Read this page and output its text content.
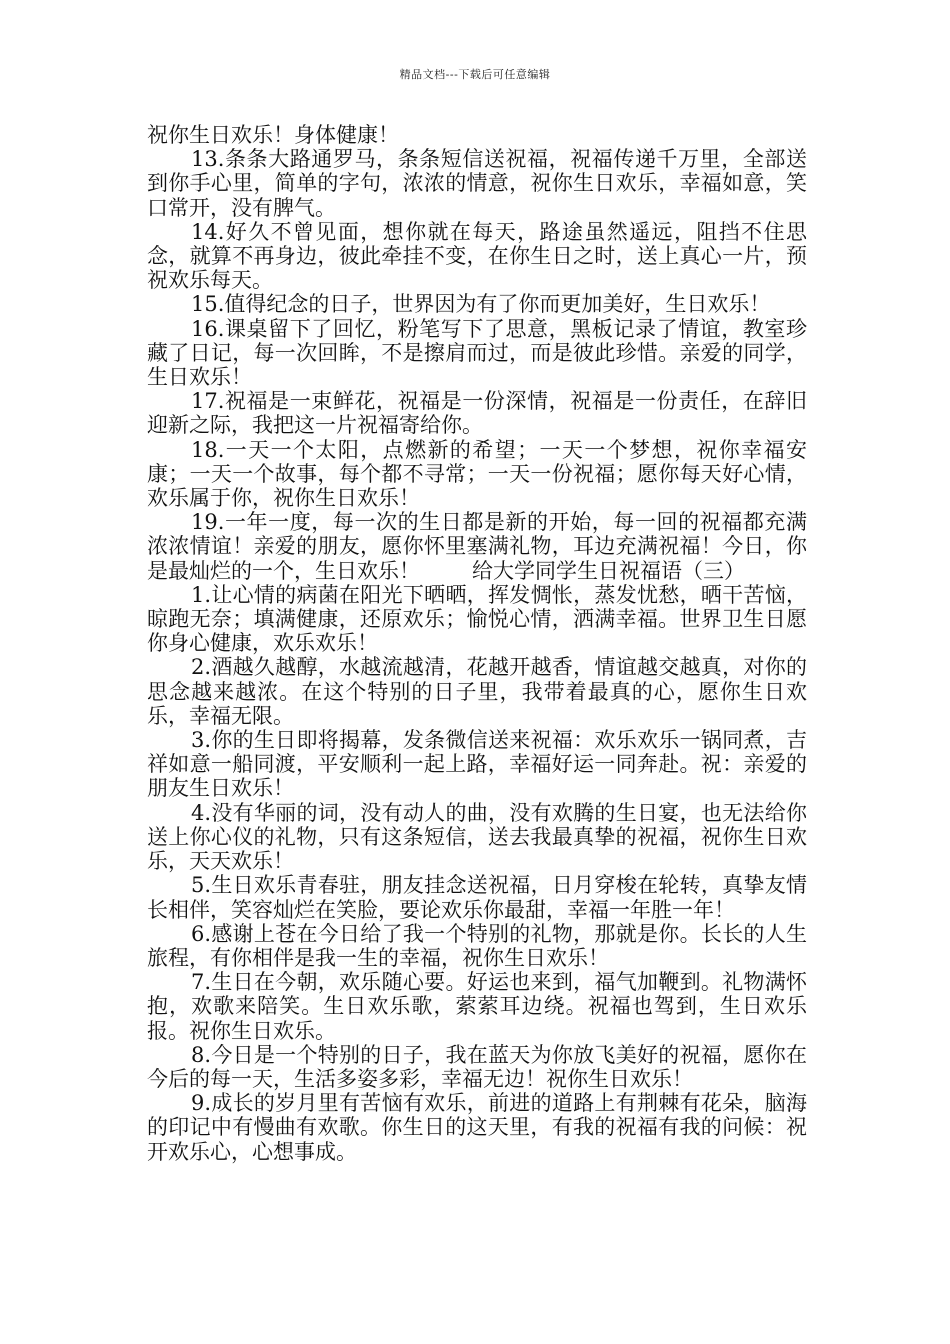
精品文档---下载后可任意编辑

祝你生日欢乐！身体健康！

13.条条大路通罗马，条条短信送祝福，祝福传递千万里，全部送到你手心里，简单的字句，浓浓的情意，祝你生日欢乐，幸福如意，笑口常开，没有脾气。

14.好久不曾见面，想你就在每天，路途虽然遥远，阻挡不住思念，就算不再身边，彼此牵挂不变，在你生日之时，送上真心一片，预祝欢乐每天。

15.值得纪念的日子，世界因为有了你而更加美好，生日欢乐！

16.课桌留下了回忆，粉笔写下了思意，黑板记录了情谊，教室珍藏了日记，每一次回眸，不是擦肩而过，而是彼此珍惜。亲爱的同学，生日欢乐！

17.祝福是一束鲜花，祝福是一份深情，祝福是一份责任，在辞旧迎新之际，我把这一片祝福寄给你。

18.一天一个太阳，点燃新的希望；一天一个梦想，祝你幸福安康；一天一个故事，每个都不寻常；一天一份祝福；愿你每天好心情，欢乐属于你，祝你生日欢乐！

19.一年一度，每一次的生日都是新的开始，每一回的祝福都充满浓浓情谊！亲爱的朋友，愿你怀里塞满礼物，耳边充满祝福！今日，你是最灿烂的一个，生日欢乐！ 给大学同学生日祝福语（三）

1.让心情的病菌在阳光下晒晒，挥发惆怅，蒸发忧愁，晒干苦恼，晾跑无奈；填满健康，还原欢乐；愉悦心情，洒满幸福。世界卫生日愿你身心健康，欢乐欢乐！

2.酒越久越醇，水越流越清，花越开越香，情谊越交越真，对你的思念越来越浓。在这个特别的日子里，我带着最真的心，愿你生日欢乐，幸福无限。

3.你的生日即将揭幕，发条微信送来祝福：欢乐欢乐一锅同煮，吉祥如意一船同渡，平安顺利一起上路，幸福好运一同奔赴。祝：亲爱的朋友生日欢乐！

4.没有华丽的词，没有动人的曲，没有欢腾的生日宴，也无法给你送上你心仪的礼物，只有这条短信，送去我最真挚的祝福，祝你生日欢乐，天天欢乐！

5.生日欢乐青春驻，朋友挂念送祝福，日月穿梭在轮转，真挚友情长相伴，笑容灿烂在笑脸，要论欢乐你最甜，幸福一年胜一年！

6.感谢上苍在今日给了我一个特别的礼物，那就是你。长长的人生旅程，有你相伴是我一生的幸福，祝你生日欢乐！

7.生日在今朝，欢乐随心要。好运也来到，福气加鞭到。礼物满怀抱，欢歌来陪笑。生日欢乐歌，萦萦耳边绕。祝福也驾到，生日欢乐报。祝你生日欢乐。

8.今日是一个特别的日子，我在蓝天为你放飞美好的祝福，愿你在今后的每一天，生活多姿多彩，幸福无边！祝你生日欢乐！

9.成长的岁月里有苦恼有欢乐，前进的道路上有荆棘有花朵，脑海的印记中有慢曲有欢歌。你生日的这天里，有我的祝福有我的问候：祝开欢乐心，心想事成。
